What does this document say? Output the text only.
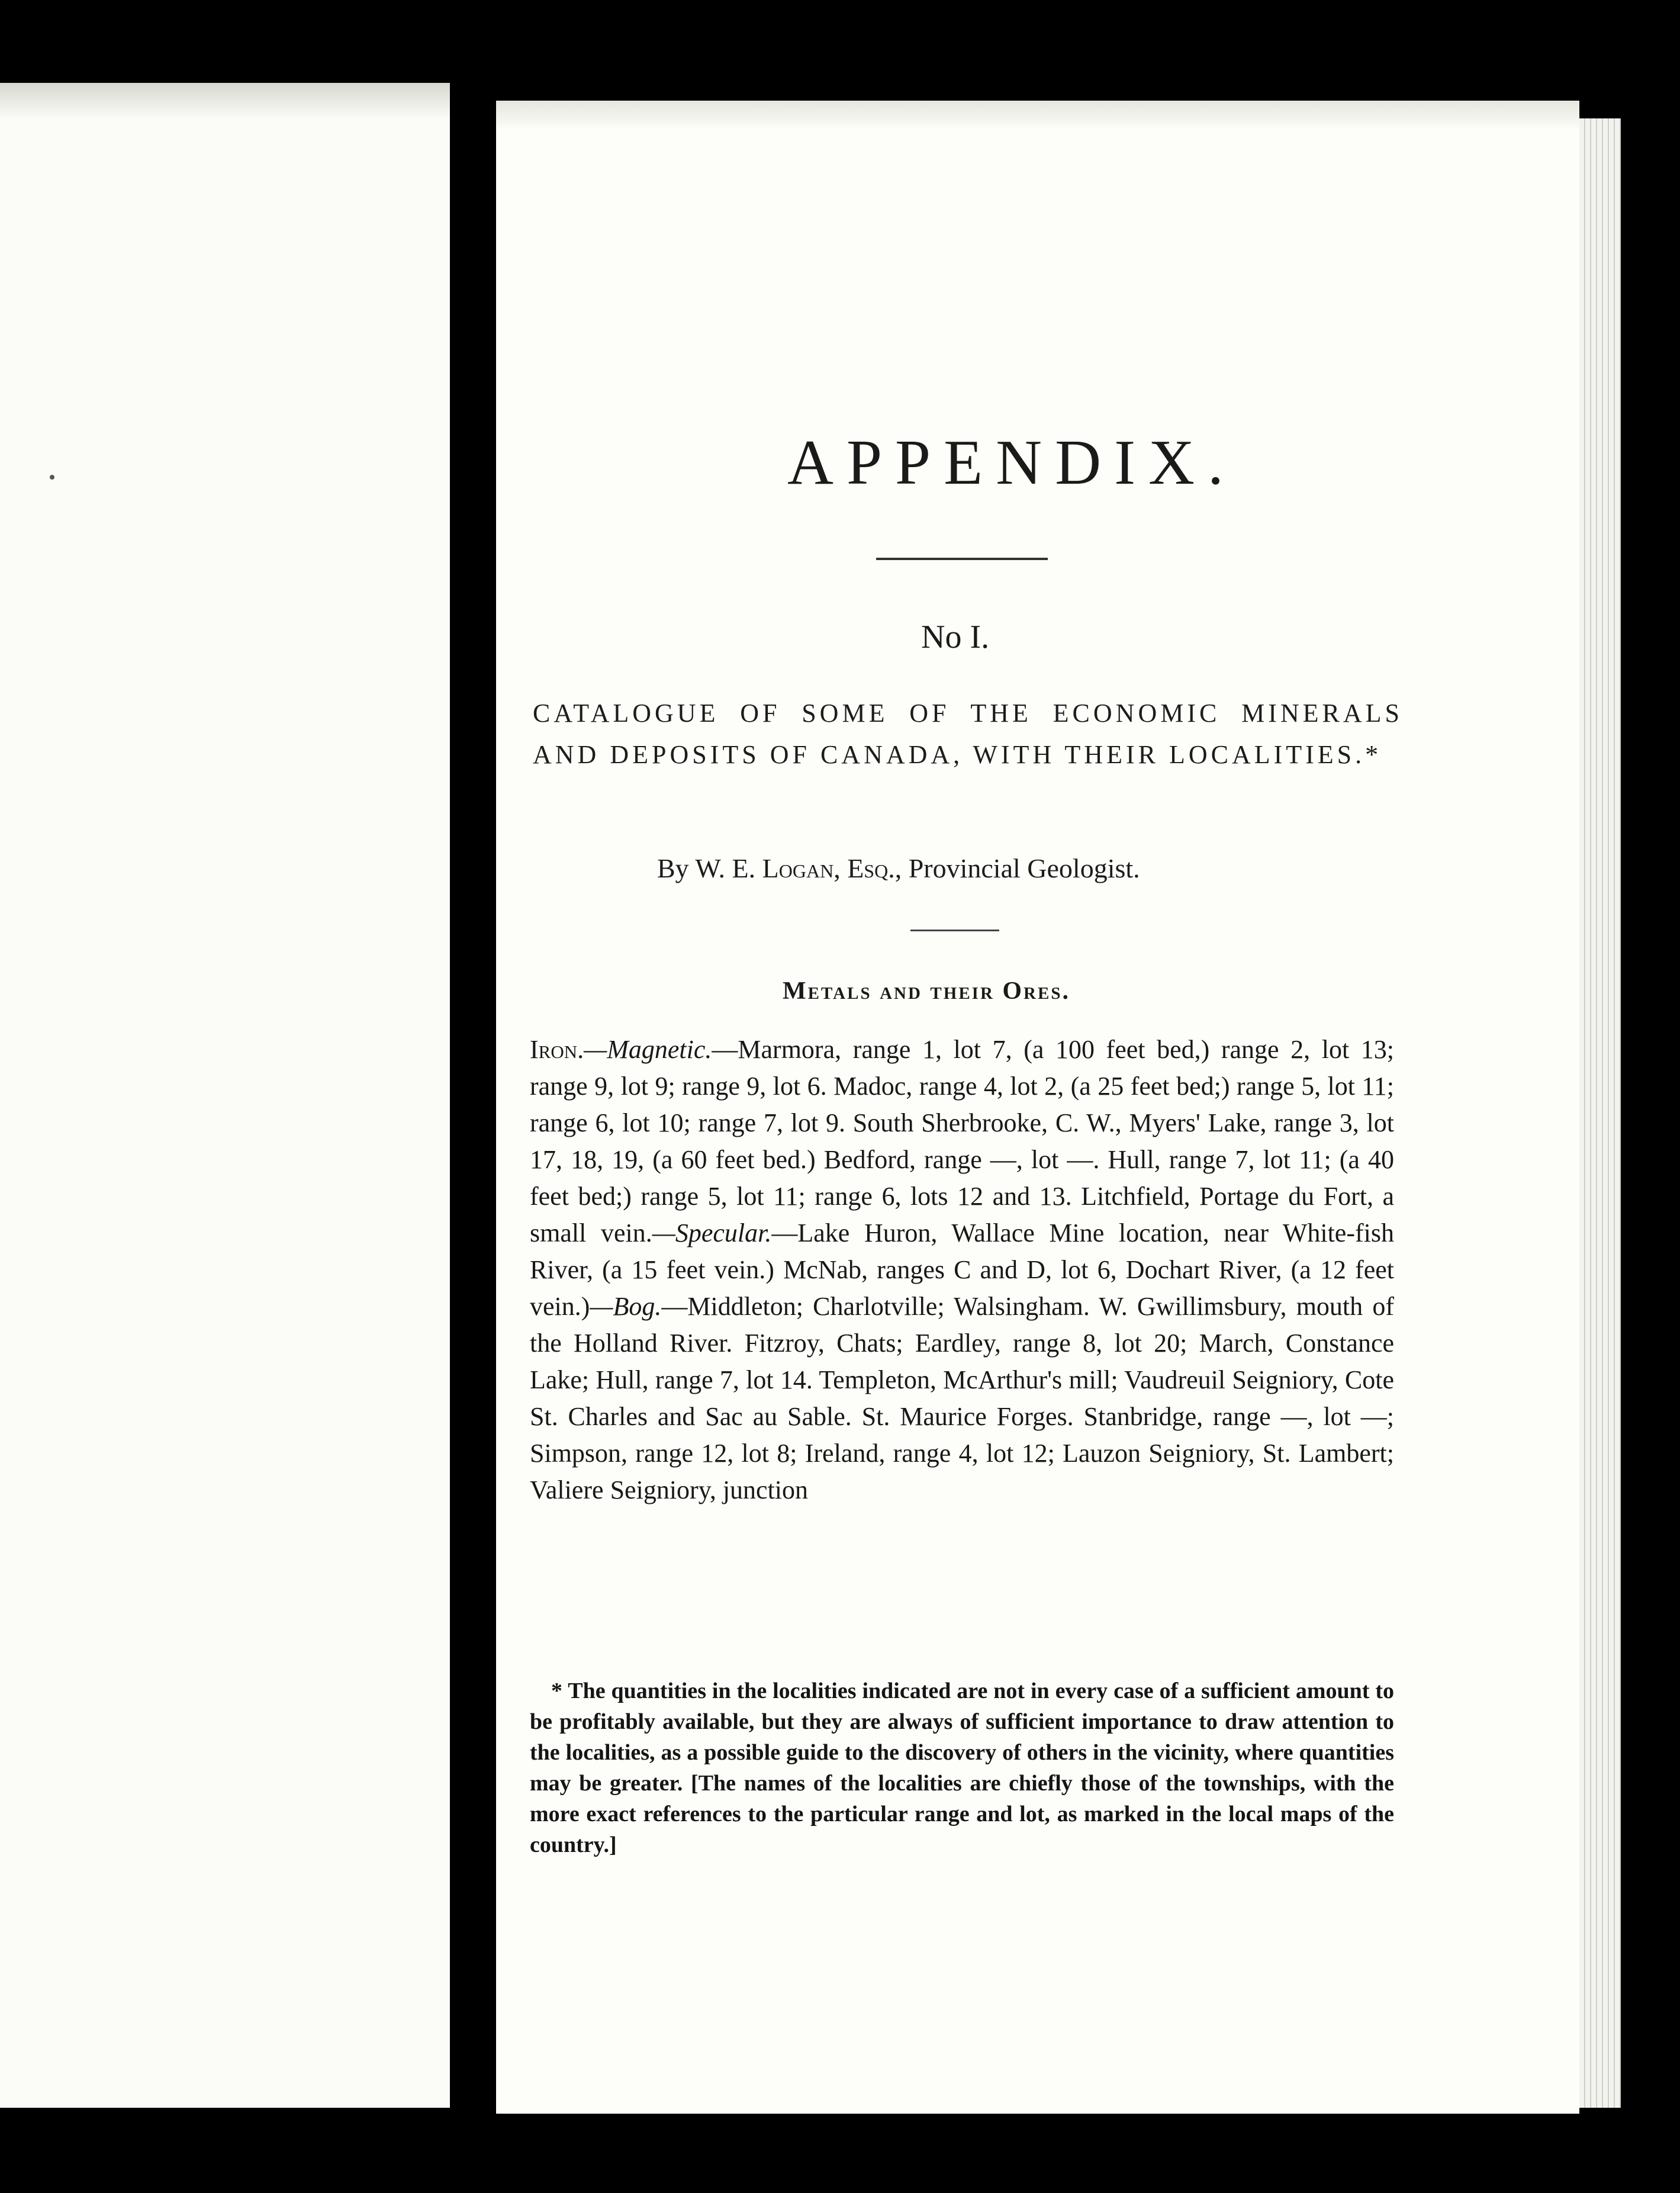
APPENDIX.
No I.
CATALOGUE OF SOME OF THE ECONOMIC MINERALS AND DEPOSITS OF CANADA, WITH THEIR LOCALITIES.*
By W. E. Logan, Esq., Provincial Geologist.
Metals and their Ores.

Iron.—Magnetic.—Marmora, range 1, lot 7, (a 100 feet bed,) range 2, lot 13; range 9, lot 9; range 9, lot 6. Madoc, range 4, lot 2, (a 25 feet bed;) range 5, lot 11; range 6, lot 10; range 7, lot 9. South Sherbrooke, C. W., Myers' Lake, range 3, lot 17, 18, 19, (a 60 feet bed.) Bedford, range —, lot —. Hull, range 7, lot 11; (a 40 feet bed;) range 5, lot 11; range 6, lots 12 and 13. Litchfield, Portage du Fort, a small vein.—Specular.—Lake Huron, Wallace Mine location, near White-fish River, (a 15 feet vein.) McNab, ranges C and D, lot 6, Dochart River, (a 12 feet vein.)—Bog.—Middleton; Charlotville; Walsingham. W. Gwillimsbury, mouth of the Holland River. Fitzroy, Chats; Eardley, range 8, lot 20; March, Constance Lake; Hull, range 7, lot 14. Templeton, McArthur's mill; Vaudreuil Seigniory, Cote St. Charles and Sac au Sable. St. Maurice Forges. Stanbridge, range —, lot —; Simpson, range 12, lot 8; Ireland, range 4, lot 12; Lauzon Seigniory, St. Lambert; Valiere Seigniory, junction

* The quantities in the localities indicated are not in every case of a sufficient amount to be profitably available, but they are always of sufficient importance to draw attention to the localities, as a possible guide to the discovery of others in the vicinity, where quantities may be greater. [The names of the localities are chiefly those of the townships, with the more exact references to the particular range and lot, as marked in the local maps of the country.]
